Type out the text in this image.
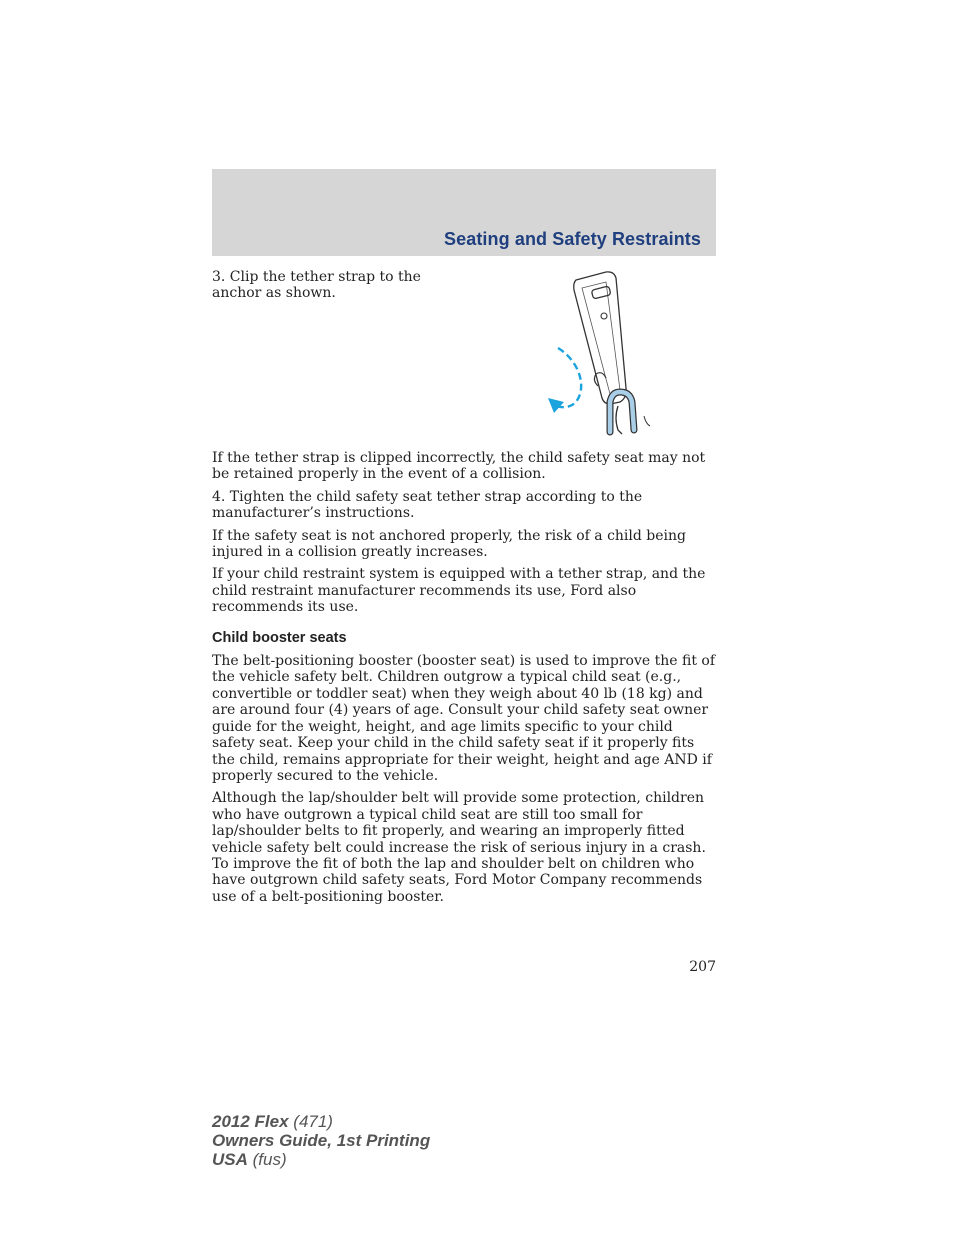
Seating and Safety Restraints
3. Clip the tether strap to the anchor as shown.

If the tether strap is clipped incorrectly, the child safety seat may not be retained properly in the event of a collision.

4. Tighten the child safety seat tether strap according to the manufacturer’s instructions.

If the safety seat is not anchored properly, the risk of a child being injured in a collision greatly increases.

If your child restraint system is equipped with a tether strap, and the child restraint manufacturer recommends its use, Ford also recommends its use.

Child booster seats

The belt-positioning booster (booster seat) is used to improve the fit of the vehicle safety belt. Children outgrow a typical child seat (e.g., convertible or toddler seat) when they weigh about 40 lb (18 kg) and are around four (4) years of age. Consult your child safety seat owner guide for the weight, height, and age limits specific to your child safety seat. Keep your child in the child safety seat if it properly fits the child, remains appropriate for their weight, height and age AND if properly secured to the vehicle.

Although the lap/shoulder belt will provide some protection, children who have outgrown a typical child seat are still too small for lap/shoulder belts to fit properly, and wearing an improperly fitted vehicle safety belt could increase the risk of serious injury in a crash. To improve the fit of both the lap and shoulder belt on children who have outgrown child safety seats, Ford Motor Company recommends use of a belt-positioning booster.

207
2012 Flex (471)
Owners Guide, 1st Printing
USA (fus)
